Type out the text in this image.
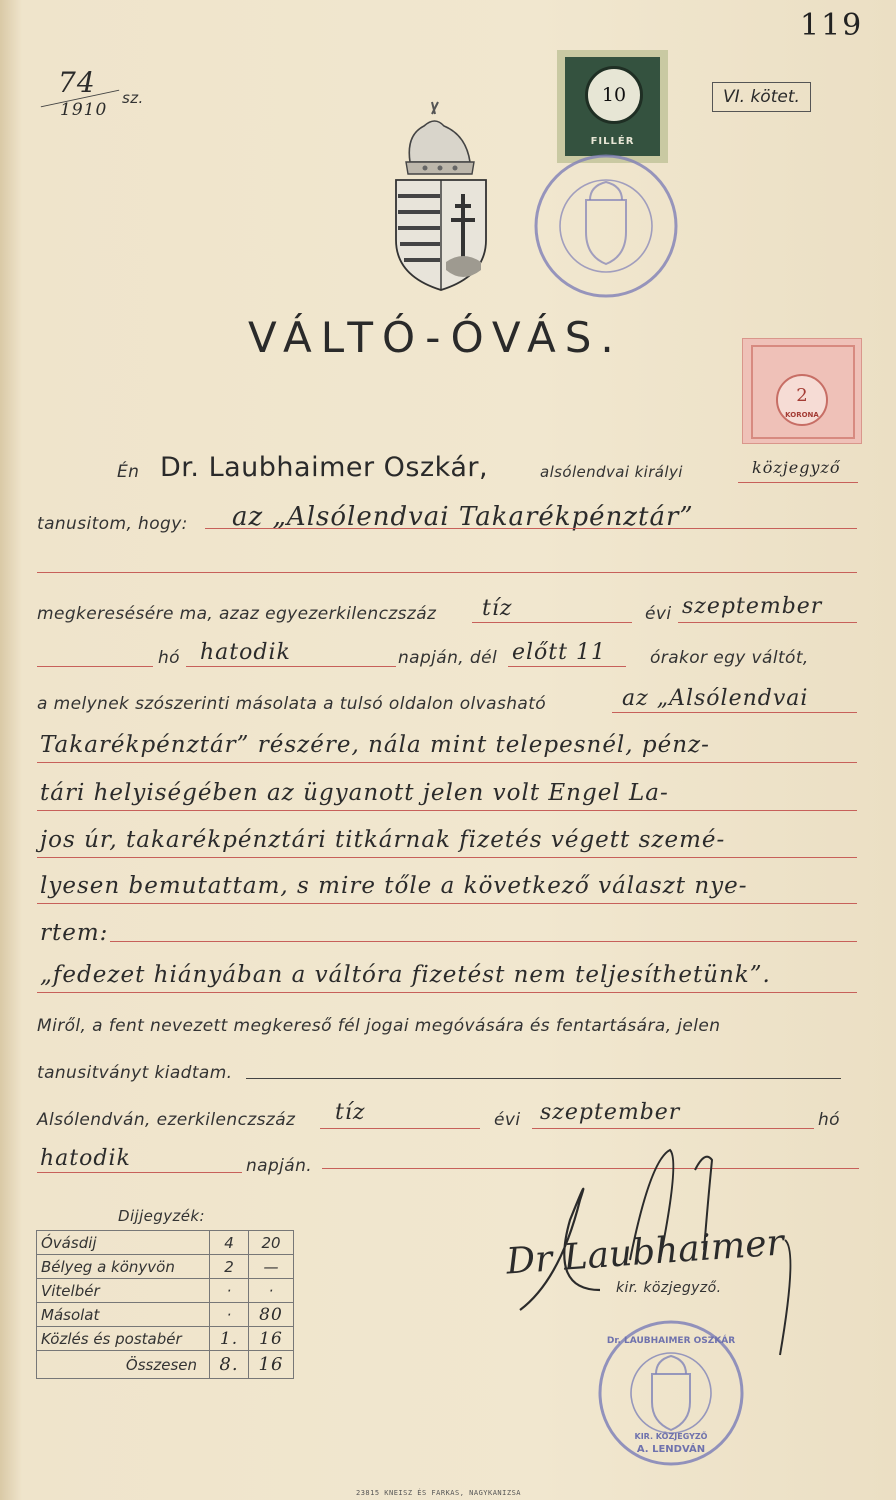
119
74
1910
sz.	VI. kötet.
10
FILLÉR
VÁLTÓ-ÓVÁS.
2
KORONA
Én Dr. Laubhaimer Oszkár,	alsólendvai királyi	közjegyző
tanusitom, hogy: az „Alsólendvai Takarékpénztár”
megkeresésére ma, azaz egyezerkilenczszáz tíz	évi szeptember
hó hatodik	napján, dél előtt 11	órakor egy váltót,
a melynek szószerinti másolata a tulsó oldalon olvasható	az „Alsólendvai
Takarékpénztár” részére, nála mint telepesnél, pénz-
tári helyiségében az ügyanott jelen volt Engel La-
jos úr, takarékpénztári titkárnak fizetés végett szemé-
lyesen bemutattam, s mire tőle a következő választ nye-
rtem:
„fedezet hiányában a váltóra fizetést nem teljesíthetünk”.
Miről, a fent nevezett megkereső fél jogai megóvására és fentartására, jelen
tanusitványt kiadtam.
Alsólendván, ezerkilenczszáz tíz	évi szeptember	hó
hatodik	napján.
Dijjegyzék:
Óvásdij	4	20
Bélyeg a könyvön	2	—
Vitelbér	·	·
Másolat	·	80
Közlés és postabér	1.	16
Összesen	8.	16
Dr Laubhaimer
kir. közjegyző.
Dr. LAUBHAIMER OSZKÁR
KIR. KÖZJEGYZŐ
A. LENDVÁN
23815 KNEISZ ÉS FARKAS, NAGYKANIZSA
